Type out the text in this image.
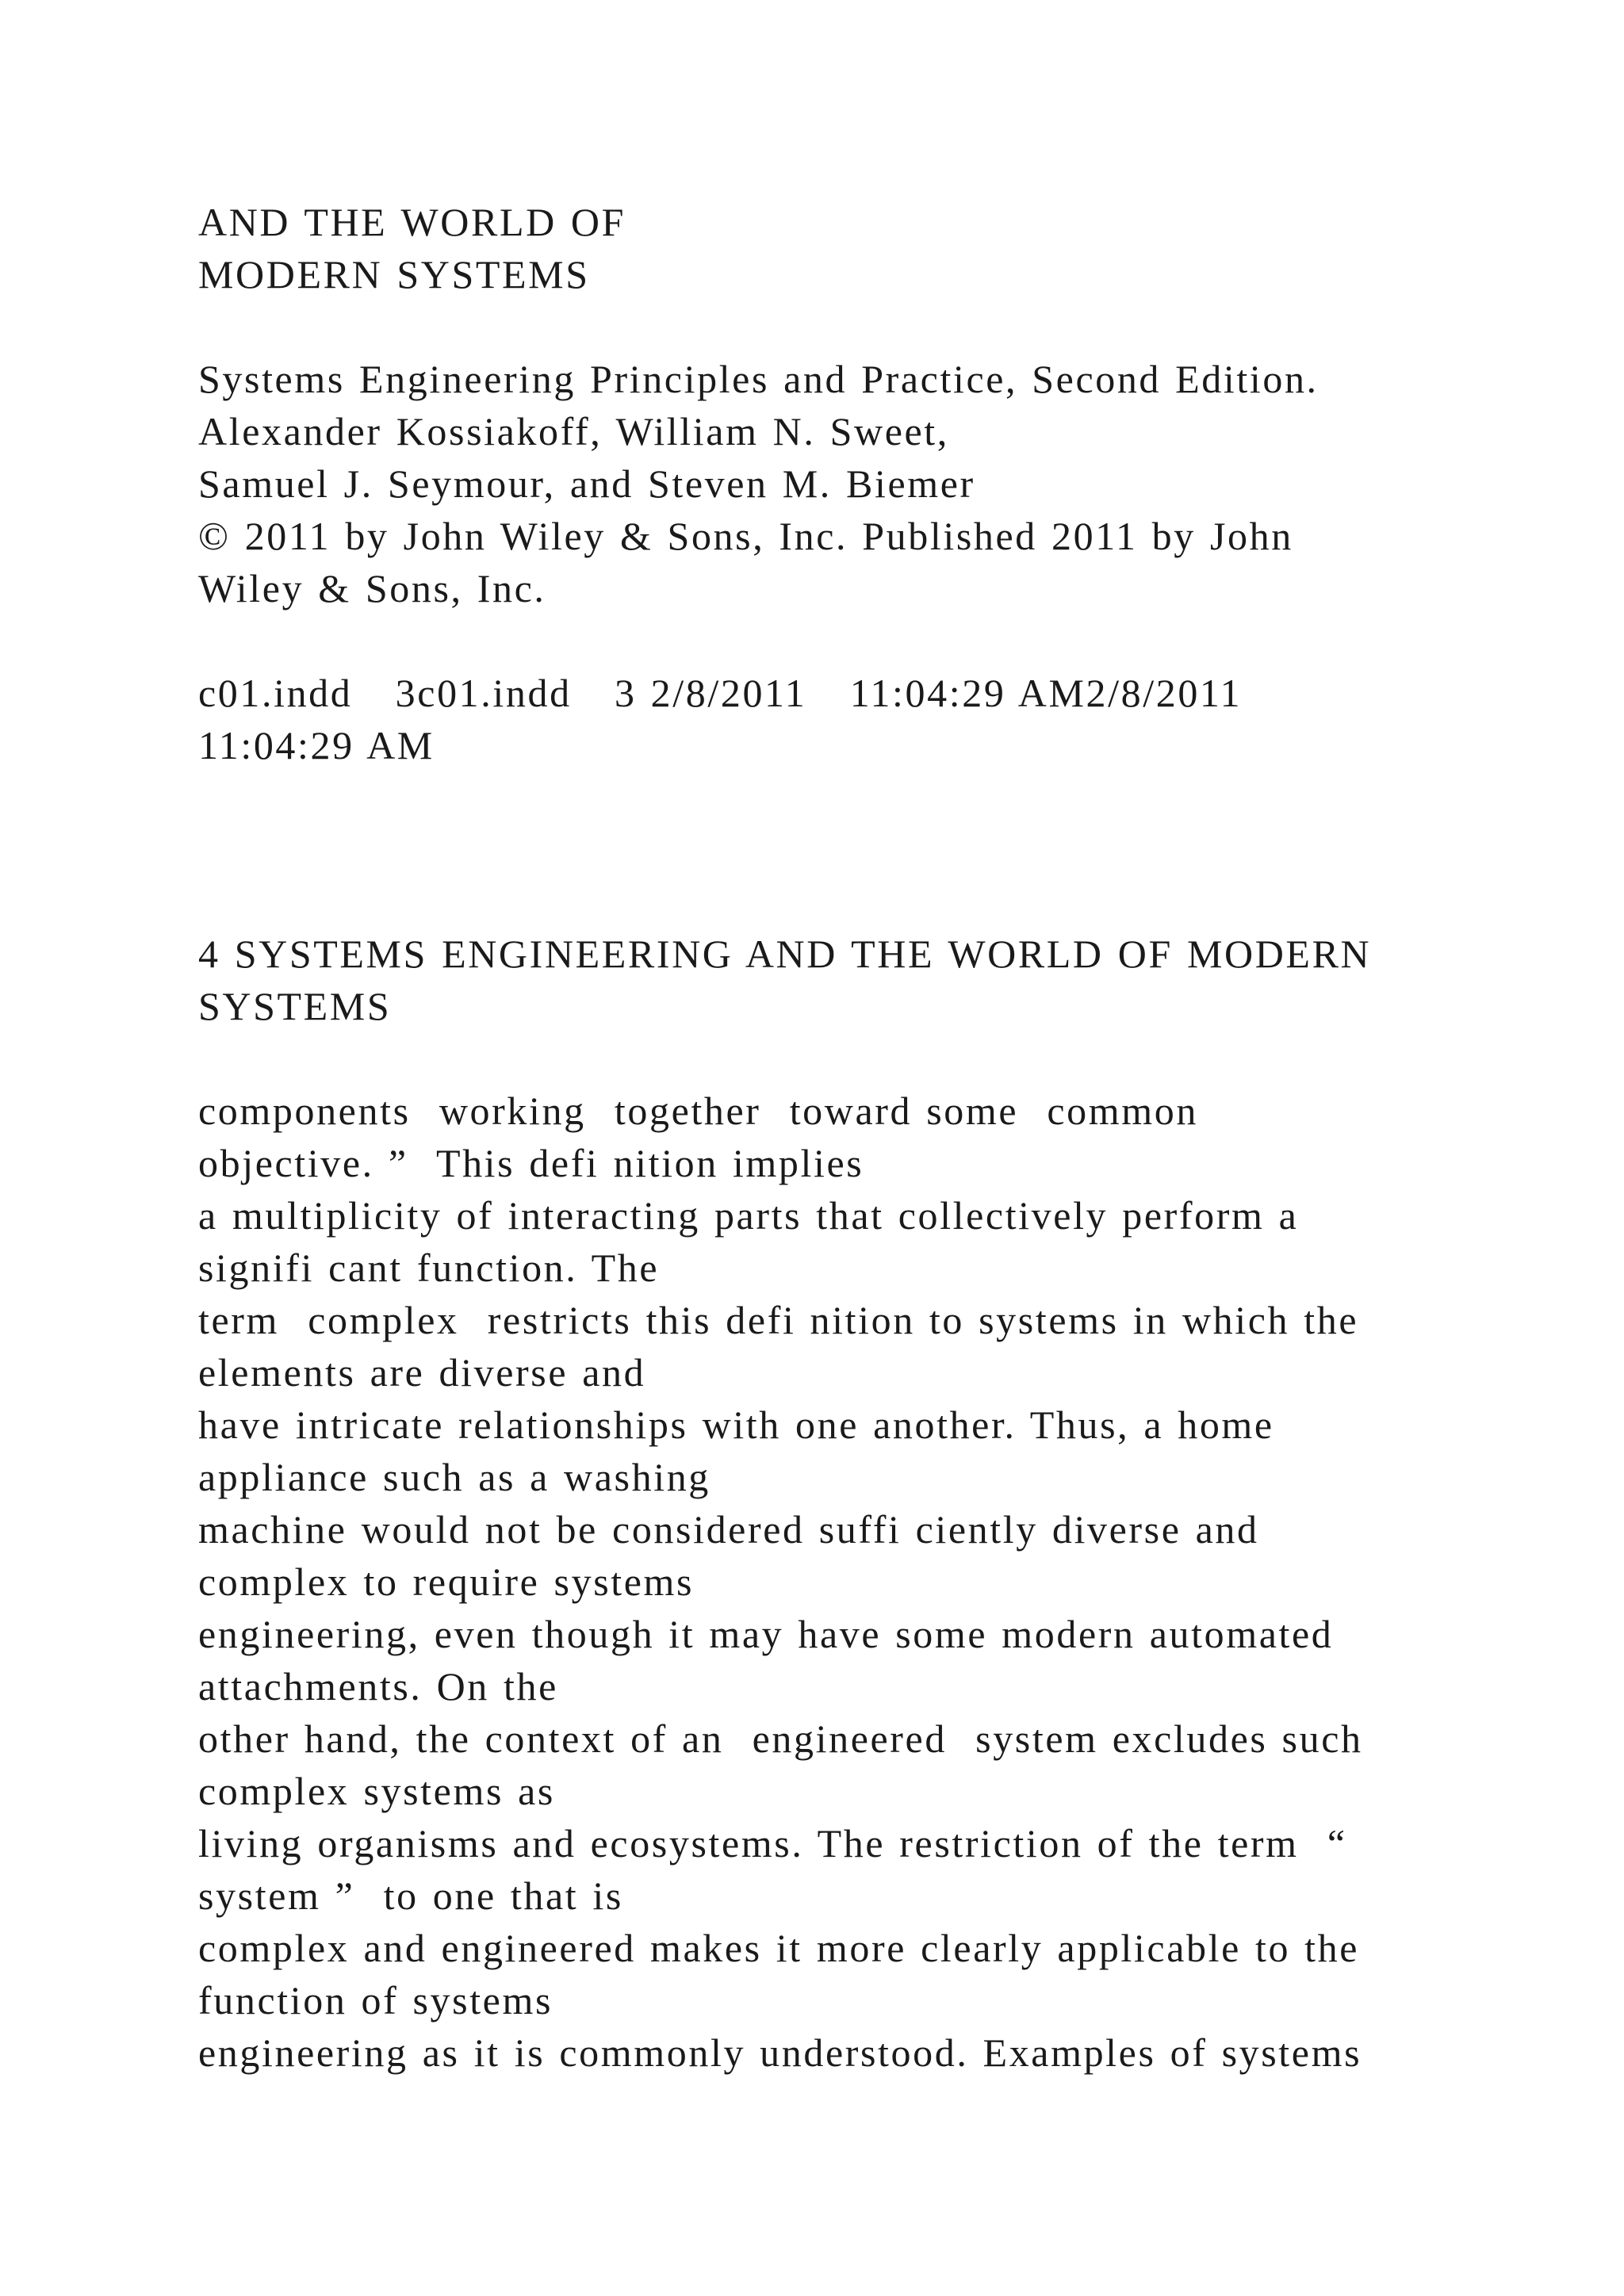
AND THE WORLD OF
MODERN SYSTEMS
Systems Engineering Principles and Practice, Second Edition.
Alexander Kossiakoff, William N. Sweet,
Samuel J. Seymour, and Steven M. Biemer
© 2011 by John Wiley & Sons, Inc. Published 2011 by John
Wiley & Sons, Inc.
c01.indd   3c01.indd   3 2/8/2011   11:04:29 AM2/8/2011
11:04:29 AM
4 SYSTEMS ENGINEERING AND THE WORLD OF MODERN
SYSTEMS
components  working  together  toward some  common
objective. ”  This defi nition implies
a multiplicity of interacting parts that collectively perform a
signifi cant function. The
term  complex  restricts this defi nition to systems in which the
elements are diverse and
have intricate relationships with one another. Thus, a home
appliance such as a washing
machine would not be considered suffi ciently diverse and
complex to require systems
engineering, even though it may have some modern automated
attachments. On the
other hand, the context of an  engineered  system excludes such
complex systems as
living organisms and ecosystems. The restriction of the term  “
system ”  to one that is
complex and engineered makes it more clearly applicable to the
function of systems
engineering as it is commonly understood. Examples of systems
